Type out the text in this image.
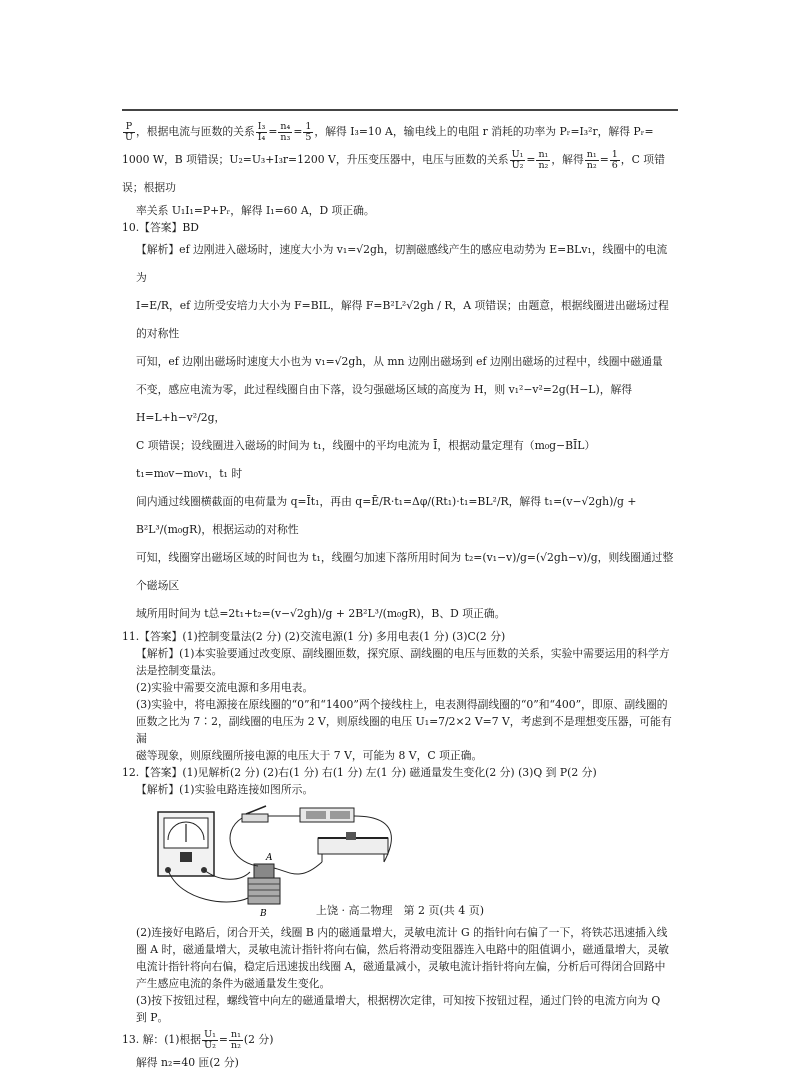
$\frac{P}{U}$ ，根据电流与匝数的关系 $\frac{\text{I₃}}{\text{I₄}} = \frac{\text{n₄}}{\text{n₃}} = \frac{1}{5}$ ，解得 I₃=10 A，输电线上的电阻 r 消耗的功率为 Pᵣ=I₃²r，解得 Pᵣ=

1000 W，B 项错误；U₂=U₃+I₃r=1200 V，升压变压器中，电压与匝数的关系 $\frac{\text{U₁}}{\text{U₂}} = \frac{\text{n₁}}{\text{n₂}}$ ，解得 $\frac{\text{n₁}}{\text{n₂}} = \frac{1}{6}$ ，C 项错误；根据功

率关系 U₁I₁=P+Pᵣ，解得 I₁=60 A，D 项正确。

10.【答案】BD

【解析】ef 边刚进入磁场时，速度大小为 v₁=√2gh，切割磁感线产生的感应电动势为 E=BLv₁，线圈中的电流为

I=E/R，ef 边所受安培力大小为 F=BIL，解得 F=B²L²√2gh / R，A 项错误；由题意，根据线圈进出磁场过程的对称性

可知，ef 边刚出磁场时速度大小也为 v₁=√2gh，从 mn 边刚出磁场到 ef 边刚出磁场的过程中，线圈中磁通量

不变，感应电流为零，此过程线圈自由下落，设匀强磁场区域的高度为 H，则 v₁²−v²=2g(H−L)，解得 H=L+h−v²/2g，

C 项错误；设线圈进入磁场的时间为 t₁，线圈中的平均电流为 Ī，根据动量定理有（m₀g−BĪL）t₁=m₀v−m₀v₁，t₁ 时

间内通过线圈横截面的电荷量为 q=Īt₁，再由 q=Ē/R·t₁=Δφ/(Rt₁)·t₁=BL²/R，解得 t₁=(v−√2gh)/g + B²L³/(m₀gR)，根据运动的对称性

可知，线圈穿出磁场区域的时间也为 t₁，线圈匀加速下落所用时间为 t₂=(v₁−v)/g=(√2gh−v)/g，则线圈通过整个磁场区

域所用时间为 t总=2t₁+t₂=(v−√2gh)/g + 2B²L³/(m₀gR)，B、D 项正确。

11.【答案】(1)控制变量法(2 分) (2)交流电源(1 分) 多用电表(1 分) (3)C(2 分)

【解析】(1)本实验要通过改变原、副线圈匝数，探究原、副线圈的电压与匝数的关系，实验中需要运用的科学方

法是控制变量法。

(2)实验中需要交流电源和多用电表。

(3)实验中，将电源接在原线圈的“0”和“1400”两个接线柱上，电表测得副线圈的“0”和“400”，即原、副线圈的

匝数之比为 7∶2，副线圈的电压为 2 V，则原线圈的电压 U₁=7/2×2 V=7 V，考虑到不是理想变压器，可能有漏

磁等现象，则原线圈所接电源的电压大于 7 V，可能为 8 V，C 项正确。

12.【答案】(1)见解析(2 分) (2)右(1 分) 右(1 分) 左(1 分) 磁通量发生变化(2 分) (3)Q 到 P(2 分)

【解析】(1)实验电路连接如图所示。

A
B

(2)连接好电路后，闭合开关，线圈 B 内的磁通量增大，灵敏电流计 G 的指针向右偏了一下，将铁芯迅速插入线

圈 A 时，磁通量增大，灵敏电流计指针将向右偏，然后将滑动变阻器连入电路中的阻值调小，磁通量增大，灵敏

电流计指针将向右偏，稳定后迅速拔出线圈 A，磁通量减小，灵敏电流计指针将向左偏，分析后可得闭合回路中

产生感应电流的条件为磁通量发生变化。

(3)按下按钮过程，螺线管中向左的磁通量增大，根据楞次定律，可知按下按钮过程，通过门铃的电流方向为 Q

到 P。

13. 解：(1)根据 $\frac{\text{U₁}}{\text{U₂}} = \frac{\text{n₁}}{\text{n₂}} (2$ 分)

解得 n₂=40 匝(2 分)

上饶 · 高二物理　第 2 页(共 4 页)
